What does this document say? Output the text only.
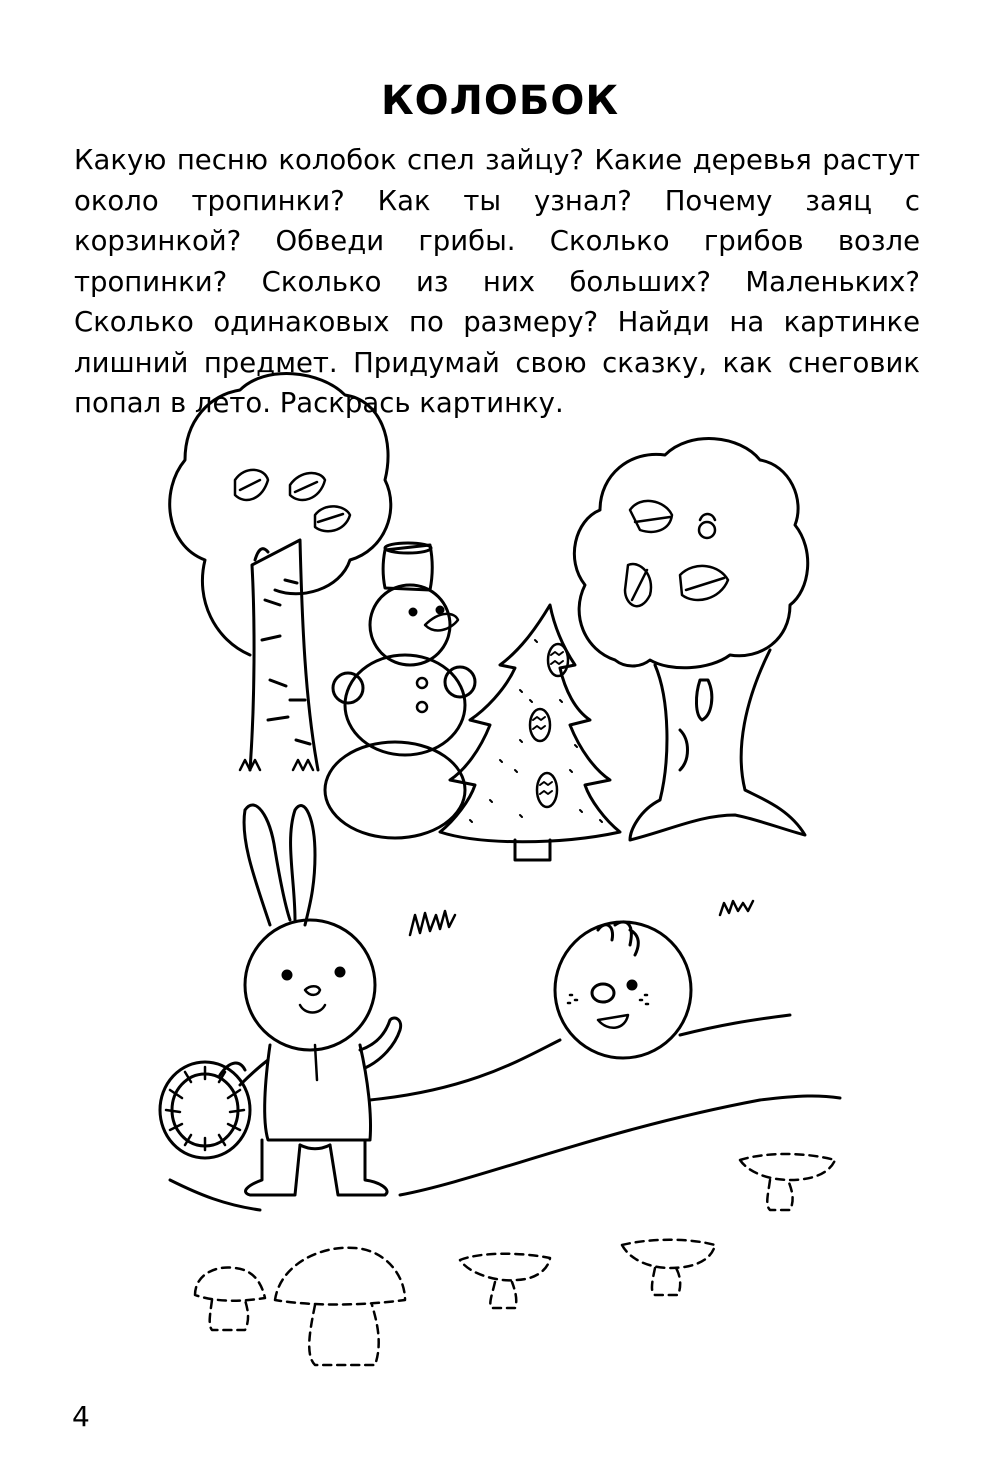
КОЛОБОК

Какую песню колобок спел зайцу? Какие деревья растут около тропинки? Как ты узнал? Почему заяц с корзинкой? Обведи грибы. Сколько грибов возле тропинки? Сколько из них больших? Маленьких? Сколько одинаковых по размеру? Найди на картинке лишний предмет. Придумай свою сказку, как снеговик попал в лето. Раскрась картинку.

4
